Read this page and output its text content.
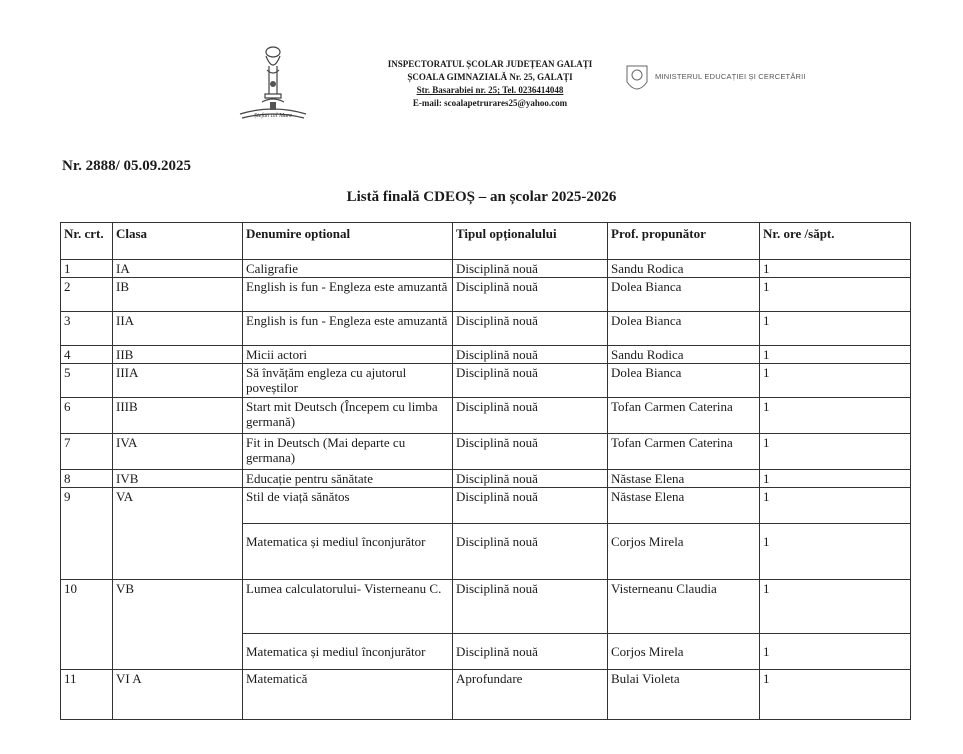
Ștefan cel Mare
INSPECTORATUL ȘCOLAR JUDEȚEAN GALAȚI
ȘCOALA GIMNAZIALĂ Nr. 25, GALAȚI
Str. Basarabiei nr. 25; Tel. 0236414048
E-mail: scoalapetrurares25@yahoo.com
MINISTERUL EDUCAȚIEI ȘI CERCETĂRII
Nr. 2888/ 05.09.2025
Listă finală CDEOȘ – an școlar 2025-2026
Nr. crt.	Clasa	Denumire optional	Tipul opționalului	Prof. propunător	Nr. ore /săpt.
1	IA	Caligrafie	Disciplină nouă	Sandu Rodica	1
2	IB	English is fun - Engleza este amuzantă	Disciplină nouă	Dolea Bianca	1
3	IIA	English is fun - Engleza este amuzantă	Disciplină nouă	Dolea Bianca	1
4	IIB	Micii actori	Disciplină nouă	Sandu Rodica	1
5	IIIA	Să învățăm engleza cu ajutorul poveștilor	Disciplină nouă	Dolea Bianca	1
6	IIIB	Start mit Deutsch (Începem cu limba germană)	Disciplină nouă	Tofan Carmen Caterina	1
7	IVA	Fit in Deutsch (Mai departe cu germana)	Disciplină nouă	Tofan Carmen Caterina	1
8	IVB	Educație pentru sănătate	Disciplină nouă	Năstase Elena	1
9	VA	Stil de viață sănătos	Disciplină nouă	Năstase Elena	1
		Matematica și mediul înconjurător	Disciplină nouă	Corjos Mirela	1
10	VB	Lumea calculatorului- Visterneanu C.	Disciplină nouă	Visterneanu Claudia	1
		Matematica și mediul înconjurător	Disciplină nouă	Corjos Mirela	1
11	VI A	Matematică	Aprofundare	Bulai Violeta	1
